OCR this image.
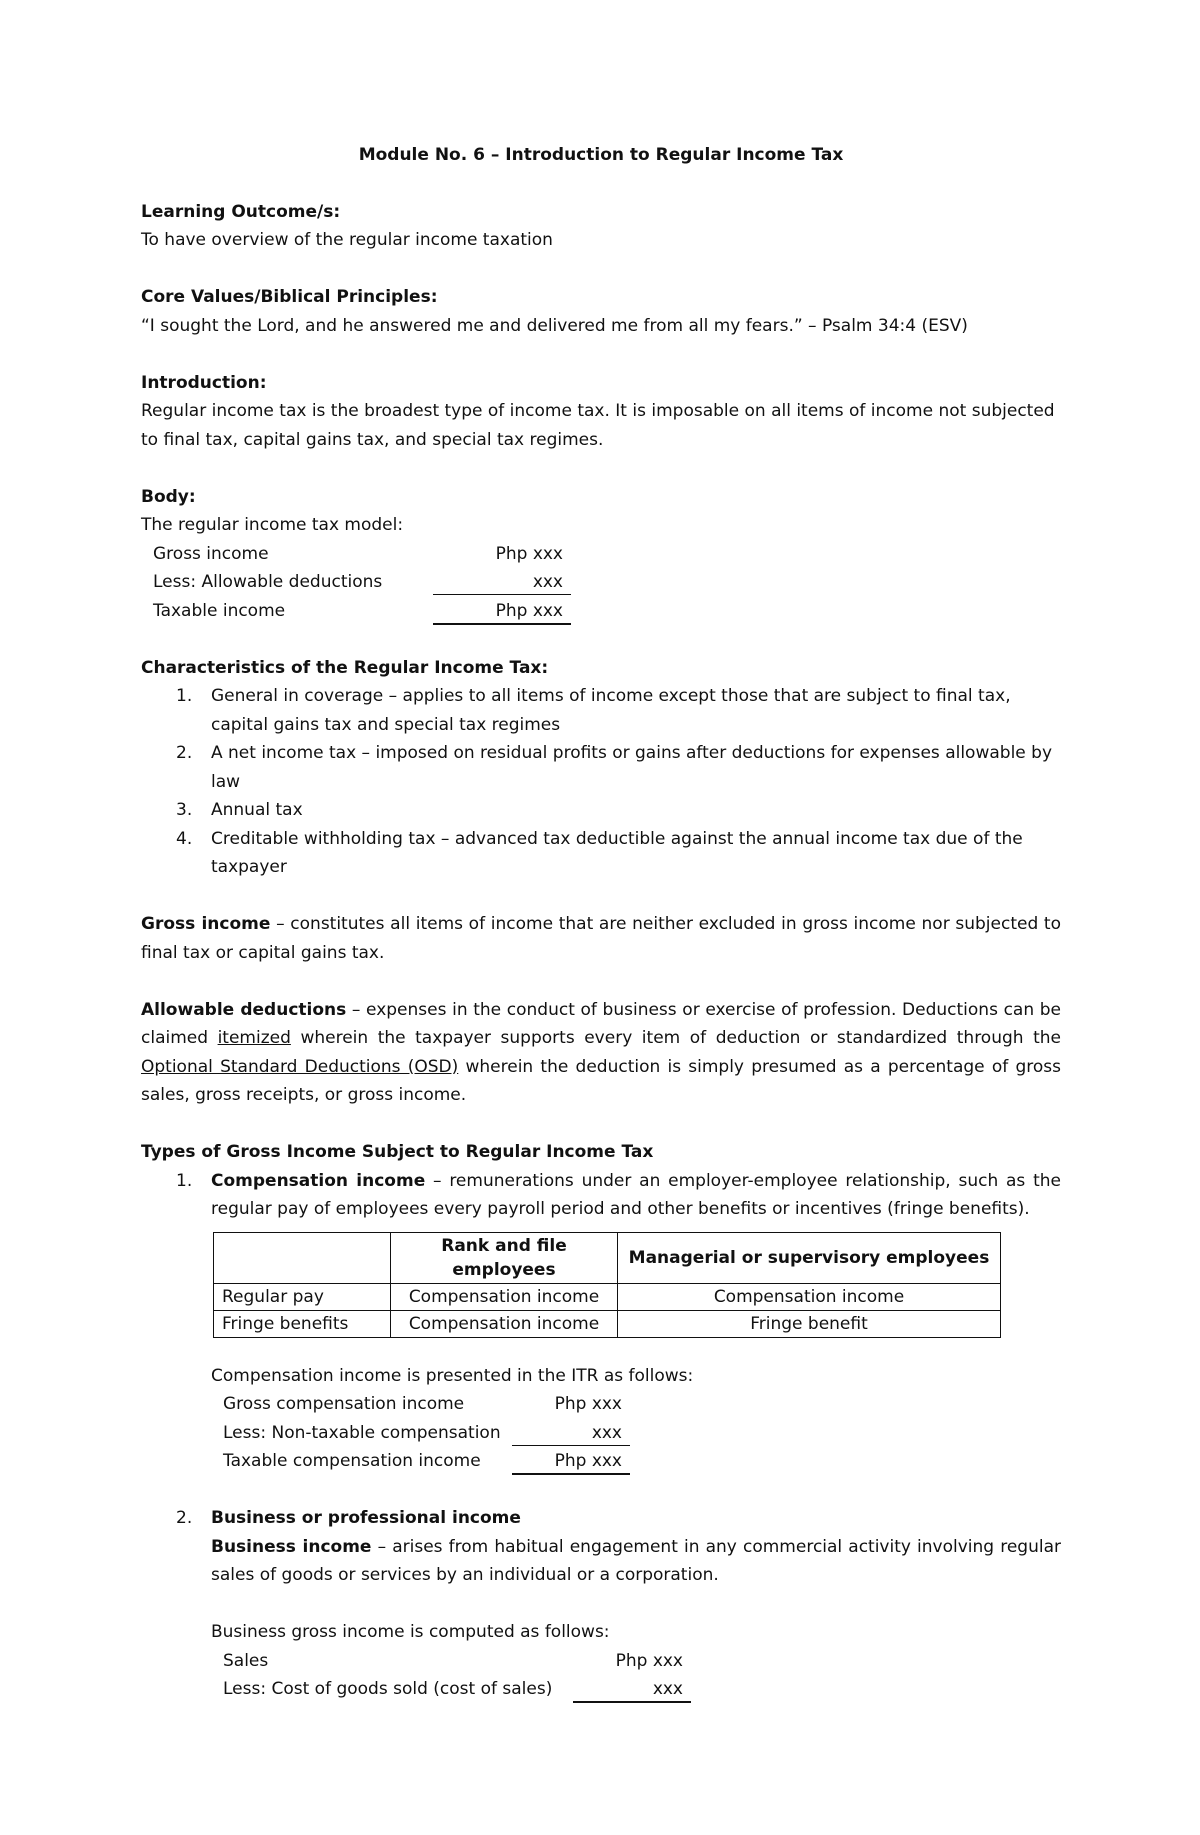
Module No. 6 – Introduction to Regular Income Tax

Learning Outcome/s:

To have overview of the regular income taxation

Core Values/Biblical Principles:

“I sought the Lord, and he answered me and delivered me from all my fears.” – Psalm 34:4 (ESV)

Introduction:

Regular income tax is the broadest type of income tax. It is imposable on all items of income not subjected to final tax, capital gains tax, and special tax regimes.

Body:

The regular income tax model:

Gross income	Php xxx
Less: Allowable deductions	xxx
Taxable income	Php xxx

Characteristics of the Regular Income Tax:

1. General in coverage – applies to all items of income except those that are subject to final tax, capital gains tax and special tax regimes
2. A net income tax – imposed on residual profits or gains after deductions for expenses allowable by law
3. Annual tax
4. Creditable withholding tax – advanced tax deductible against the annual income tax due of the taxpayer

Gross income – constitutes all items of income that are neither excluded in gross income nor subjected to final tax or capital gains tax.

Allowable deductions – expenses in the conduct of business or exercise of profession. Deductions can be claimed itemized wherein the taxpayer supports every item of deduction or standardized through the Optional Standard Deductions (OSD) wherein the deduction is simply presumed as a percentage of gross sales, gross receipts, or gross income.

Types of Gross Income Subject to Regular Income Tax

1. Compensation income – remunerations under an employer-employee relationship, such as the regular pay of employees every payroll period and other benefits or incentives (fringe benefits).
	Rank and file employees	Managerial or supervisory employees
Regular pay	Compensation income	Compensation income
Fringe benefits	Compensation income	Fringe benefit

Compensation income is presented in the ITR as follows:

Gross compensation income	Php xxx
Less: Non-taxable compensation	xxx
Taxable compensation income	Php xxx
2. Business or professional income

Business income – arises from habitual engagement in any commercial activity involving regular sales of goods or services by an individual or a corporation.

Business gross income is computed as follows:

Sales	Php xxx
Less: Cost of goods sold (cost of sales)	xxx
